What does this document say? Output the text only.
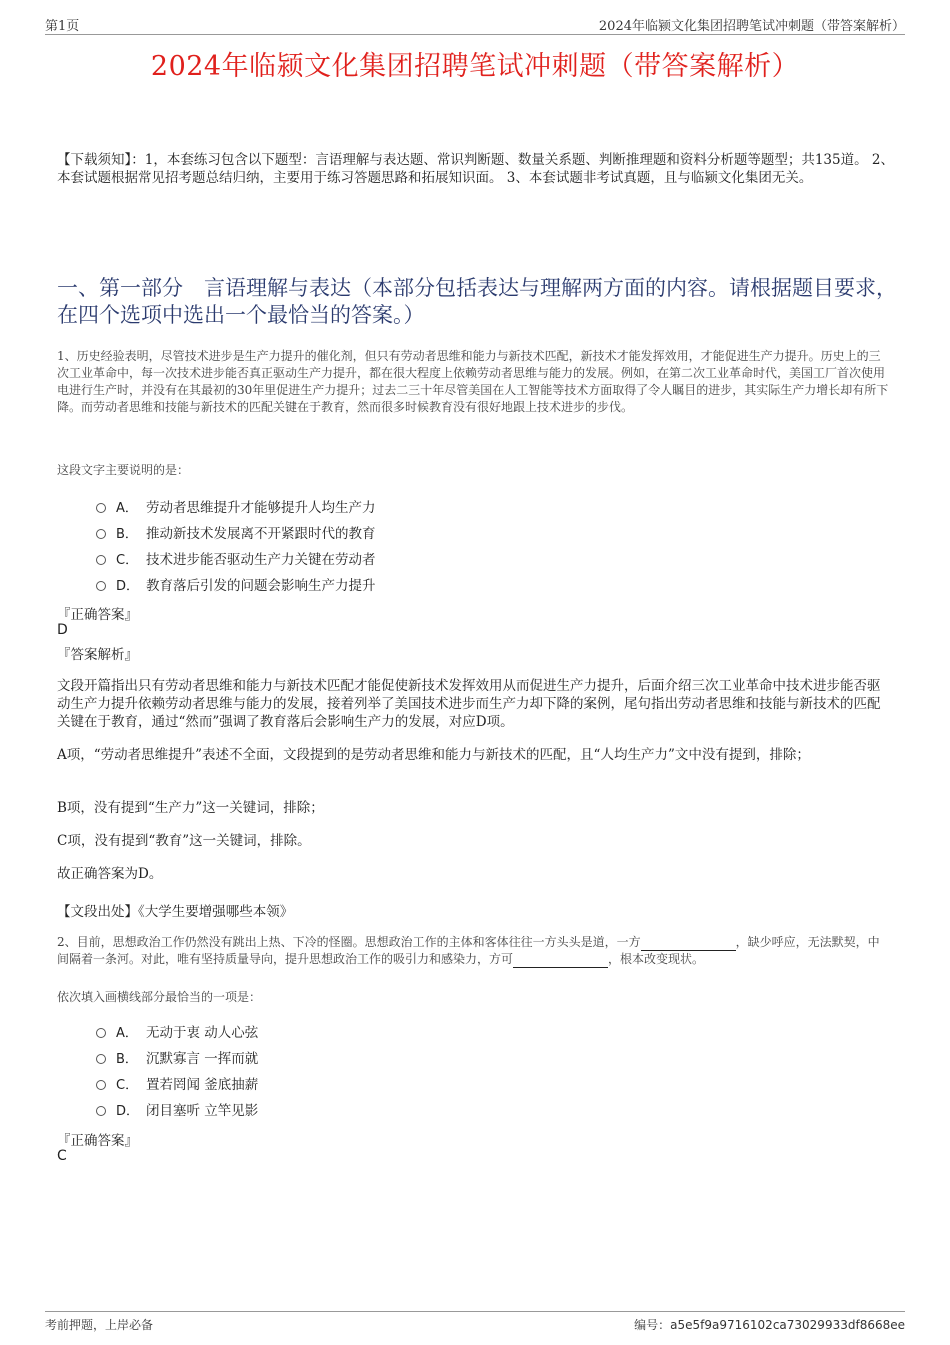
第1页	2024年临颍文化集团招聘笔试冲刺题（带答案解析）
2024年临颍文化集团招聘笔试冲刺题（带答案解析）
【下载须知】：1，本套练习包含以下题型：言语理解与表达题、常识判断题、数量关系题、判断推理题和资料分析题等题型；共135道。 2、本套试题根据常见招考题总结归纳，主要用于练习答题思路和拓展知识面。 3、本套试题非考试真题，且与临颍文化集团无关。
一、第一部分　言语理解与表达（本部分包括表达与理解两方面的内容。请根据题目要求，在四个选项中选出一个最恰当的答案。）
1、历史经验表明，尽管技术进步是生产力提升的催化剂，但只有劳动者思维和能力与新技术匹配，新技术才能发挥效用，才能促进生产力提升。历史上的三次工业革命中，每一次技术进步能否真正驱动生产力提升，都在很大程度上依赖劳动者思维与能力的发展。例如，在第二次工业革命时代，美国工厂首次使用电进行生产时，并没有在其最初的30年里促进生产力提升；过去二三十年尽管美国在人工智能等技术方面取得了令人瞩目的进步，其实际生产力增长却有所下降。而劳动者思维和技能与新技术的匹配关键在于教育，然而很多时候教育没有很好地跟上技术进步的步伐。
这段文字主要说明的是：
A． 劳动者思维提升才能够提升人均生产力
B． 推动新技术发展离不开紧跟时代的教育
C． 技术进步能否驱动生产力关键在劳动者
D． 教育落后引发的问题会影响生产力提升
『正确答案』
D
『答案解析』
文段开篇指出只有劳动者思维和能力与新技术匹配才能促使新技术发挥效用从而促进生产力提升，后面介绍三次工业革命中技术进步能否驱动生产力提升依赖劳动者思维与能力的发展，接着列举了美国技术进步而生产力却下降的案例，尾句指出劳动者思维和技能与新技术的匹配关键在于教育，通过“然而”强调了教育落后会影响生产力的发展，对应D项。
A项，“劳动者思维提升”表述不全面，文段提到的是劳动者思维和能力与新技术的匹配，且“人均生产力”文中没有提到，排除；
B项，没有提到“生产力”这一关键词，排除；
C项，没有提到“教育”这一关键词，排除。
故正确答案为D。
【文段出处】《大学生要增强哪些本领》
2、目前，思想政治工作仍然没有跳出上热、下冷的怪圈。思想政治工作的主体和客体往往一方头头是道，一方	，缺少呼应，无法默契，中间隔着一条河。对此，唯有坚持质量导向，提升思想政治工作的吸引力和感染力，方可	，根本改变现状。
依次填入画横线部分最恰当的一项是：
A． 无动于衷 动人心弦
B． 沉默寡言 一挥而就
C． 置若罔闻 釜底抽薪
D． 闭目塞听 立竿见影
『正确答案』
C
考前押题，上岸必备	编号：a5e5f9a9716102ca73029933df8668ee
